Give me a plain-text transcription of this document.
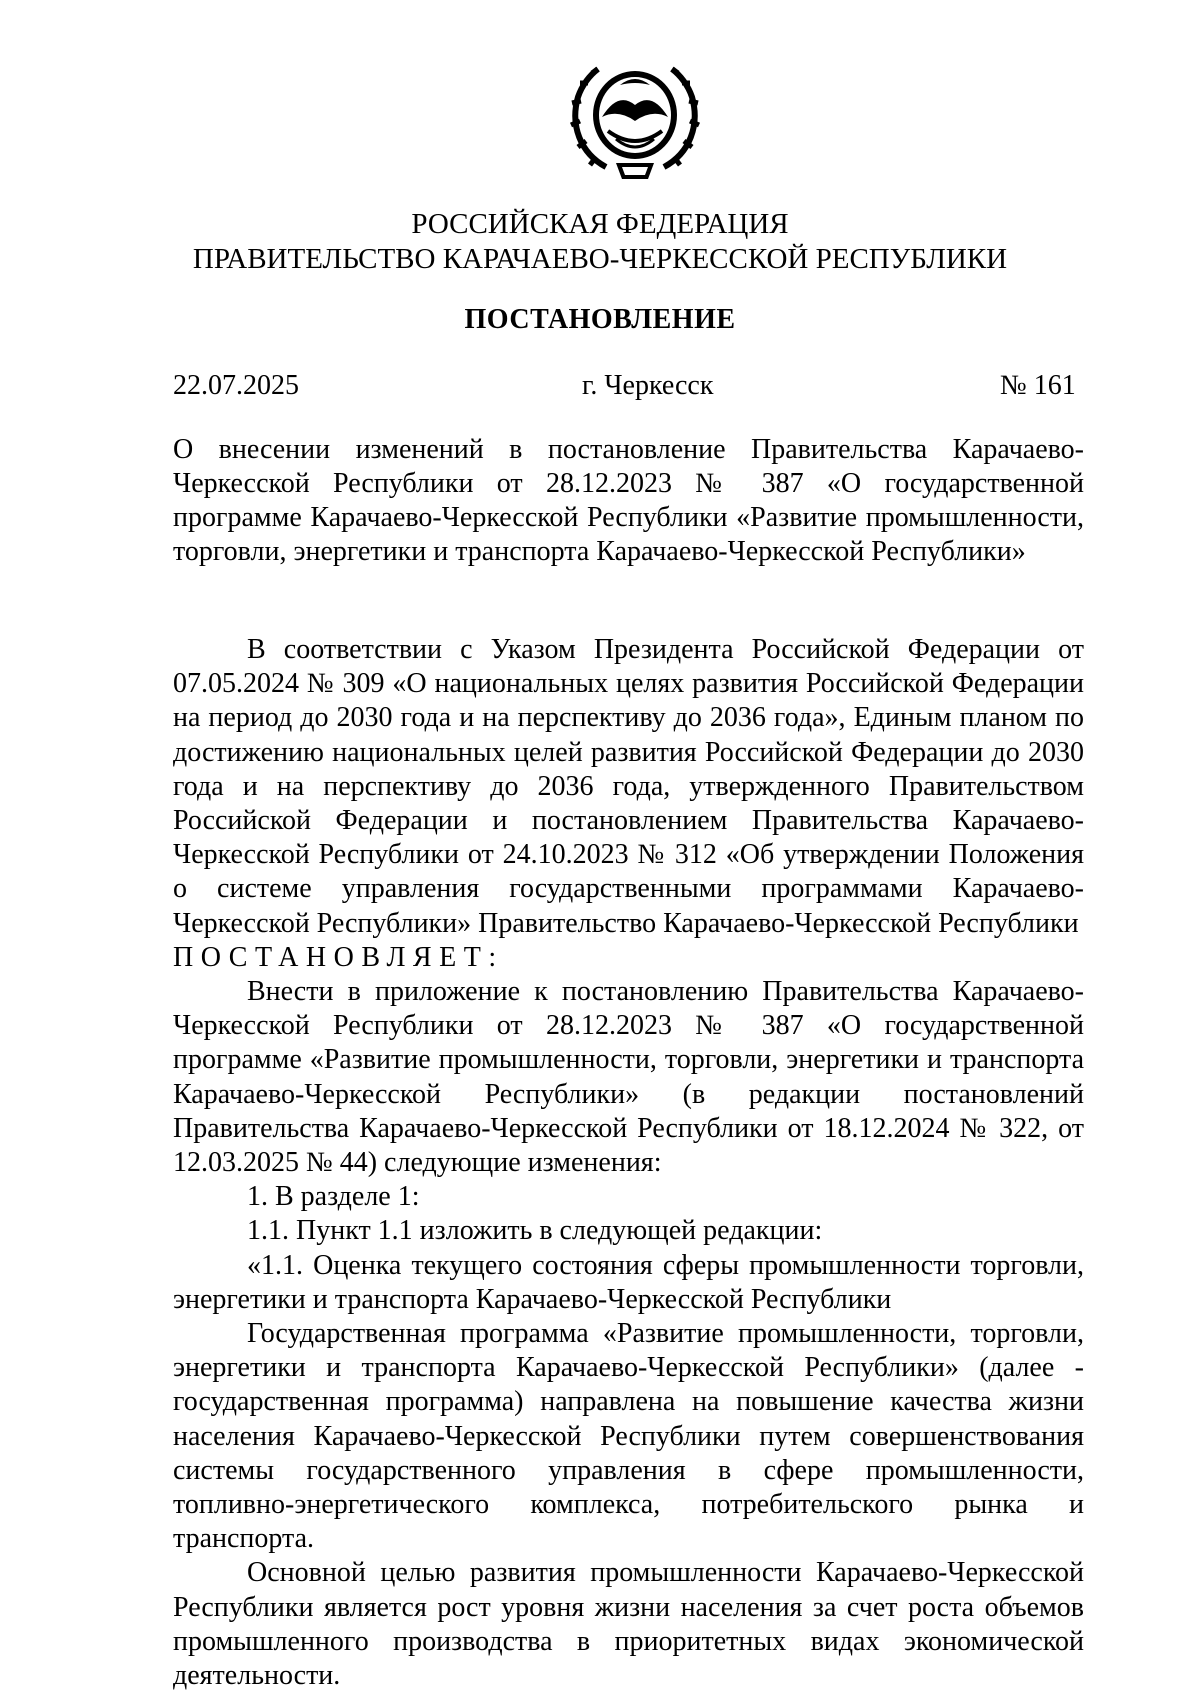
РОССИЙСКАЯ ФЕДЕРАЦИЯ
ПРАВИТЕЛЬСТВО КАРАЧАЕВО-ЧЕРКЕССКОЙ РЕСПУБЛИКИ
ПОСТАНОВЛЕНИЕ
22.07.2025	г. Черкесск	№ 161
О внесении изменений в постановление Правительства Карачаево-Черкесской Республики от 28.12.2023 № 387 «О государственной программе Карачаево-Черкесской Республики «Развитие промышленности, торговли, энергетики и транспорта Карачаево-Черкесской Республики»

В соответствии с Указом Президента Российской Федерации от 07.05.2024 № 309 «О национальных целях развития Российской Федерации на период до 2030 года и на перспективу до 2036 года», Единым планом по достижению национальных целей развития Российской Федерации до 2030 года и на перспективу до 2036 года, утвержденного Правительством Российской Федерации и постановлением Правительства Карачаево-Черкесской Республики от 24.10.2023 № 312 «Об утверждении Положения о системе управления государственными программами Карачаево-Черкесской Республики» Правительство Карачаево-Черкесской Республики

ПОСТАНОВЛЯЕТ:

Внести в приложение к постановлению Правительства Карачаево-Черкесской Республики от 28.12.2023 № 387 «О государственной программе «Развитие промышленности, торговли, энергетики и транспорта Карачаево-Черкесской Республики» (в редакции постановлений Правительства Карачаево-Черкесской Республики от 18.12.2024 № 322, от 12.03.2025 № 44) следующие изменения:

1. В разделе 1:

1.1. Пункт 1.1 изложить в следующей редакции:

«1.1. Оценка текущего состояния сферы промышленности торговли, энергетики и транспорта Карачаево-Черкесской Республики

Государственная программа «Развитие промышленности, торговли, энергетики и транспорта Карачаево-Черкесской Республики» (далее - государственная программа) направлена на повышение качества жизни населения Карачаево-Черкесской Республики путем совершенствования системы государственного управления в сфере промышленности, топливно-энергетического комплекса, потребительского рынка и транспорта.

Основной целью развития промышленности Карачаево-Черкесской Республики является рост уровня жизни населения за счет роста объемов промышленного производства в приоритетных видах экономической деятельности.
